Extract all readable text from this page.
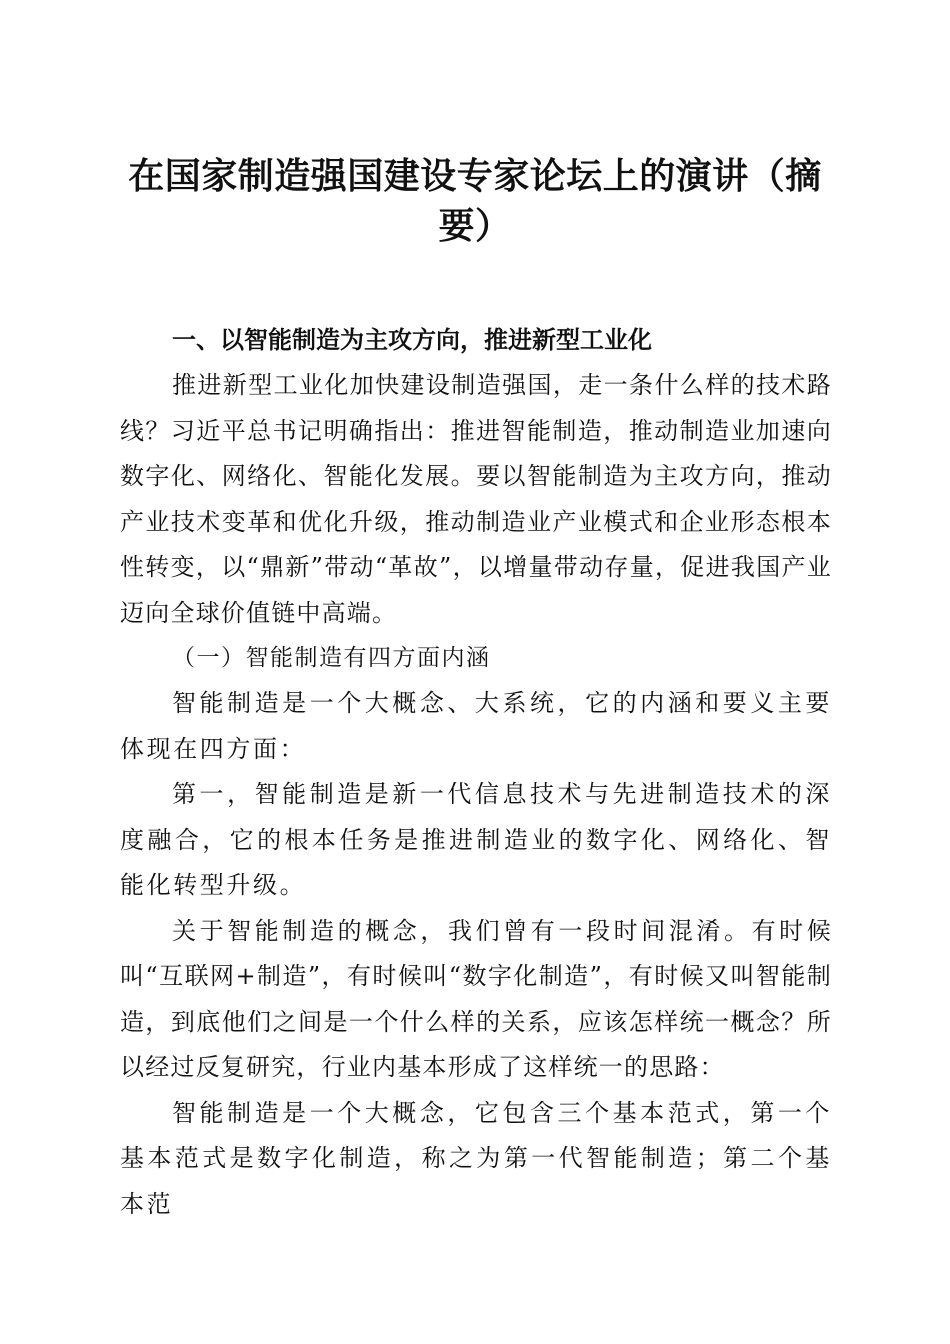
在国家制造强国建设专家论坛上的演讲（摘要）

一、以智能制造为主攻方向，推进新型工业化

推进新型工业化加快建设制造强国，走一条什么样的技术路线？习近平总书记明确指出：推进智能制造，推动制造业加速向数字化、网络化、智能化发展。要以智能制造为主攻方向，推动产业技术变革和优化升级，推动制造业产业模式和企业形态根本性转变，以“鼎新”带动“革故”，以增量带动存量，促进我国产业迈向全球价值链中高端。

（一）智能制造有四方面内涵

智能制造是一个大概念、大系统，它的内涵和要义主要体现在四方面：

第一，智能制造是新一代信息技术与先进制造技术的深度融合，它的根本任务是推进制造业的数字化、网络化、智能化转型升级。

关于智能制造的概念，我们曾有一段时间混淆。有时候叫“互联网+制造”，有时候叫“数字化制造”，有时候又叫智能制造，到底他们之间是一个什么样的关系，应该怎样统一概念？所以经过反复研究，行业内基本形成了这样统一的思路：

智能制造是一个大概念，它包含三个基本范式，第一个基本范式是数字化制造，称之为第一代智能制造；第二个基本范
